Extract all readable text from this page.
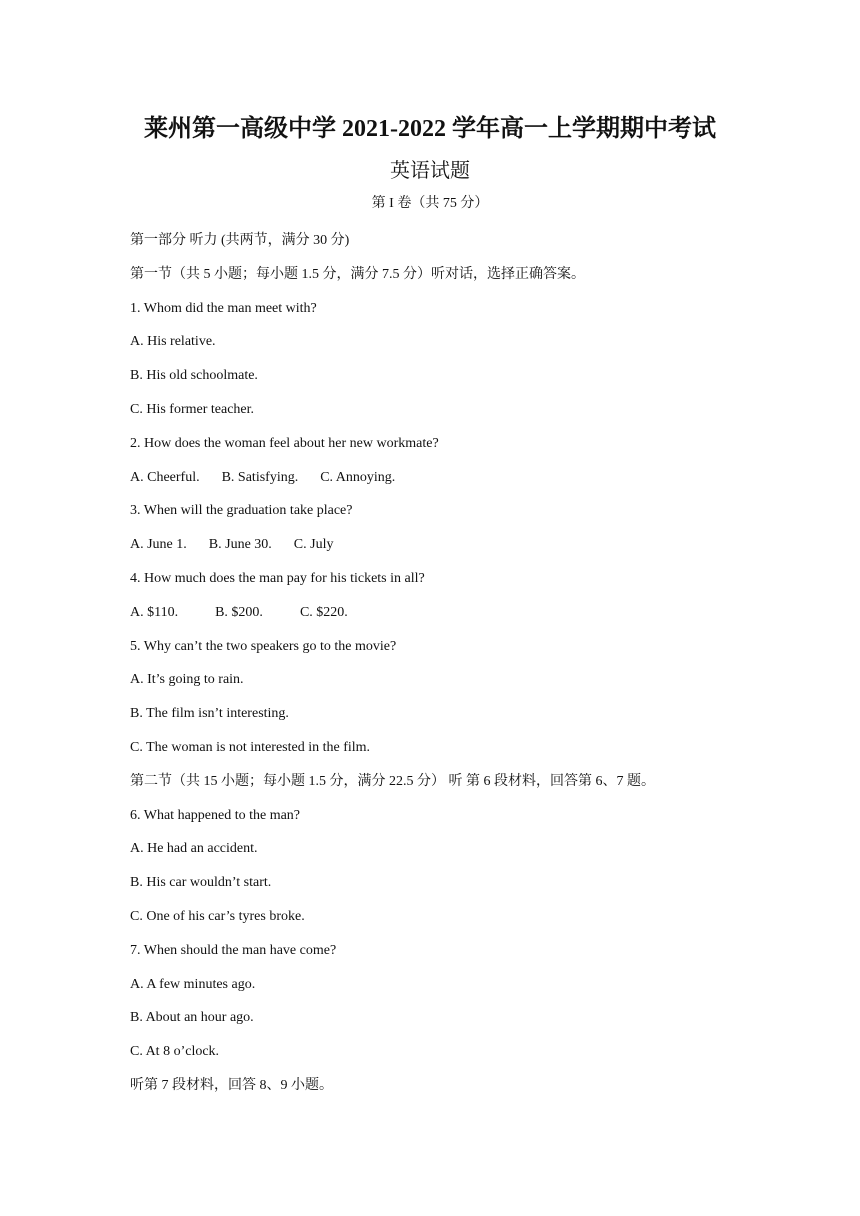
莱州第一高级中学 2021-2022 学年高一上学期期中考试
英语试题
第 I 卷（共 75 分）
第一部分 听力 (共两节，满分 30 分)
第一节（共 5 小题；每小题 1.5 分，满分 7.5 分）听对话，选择正确答案。
1. Whom did the man meet with?
A. His relative.
B. His old schoolmate.
C. His former teacher.
2. How does the woman feel about her new workmate?
A. Cheerful. B. Satisfying. C. Annoying.
3. When will the graduation take place?
A. June 1. B. June 30. C. July
4. How much does the man pay for his tickets in all?
A. $110.	B. $200.	C. $220.
5. Why can’t the two speakers go to the movie?
A. It’s going to rain.
B. The film isn’t interesting.
C. The woman is not interested in the film.
第二节（共 15 小题；每小题 1.5 分，满分 22.5 分） 听 第 6 段材料，回答第 6、7 题。
6. What happened to the man?
A. He had an accident.
B. His car wouldn’t start.
C. One of his car’s tyres broke.
7. When should the man have come?
A. A few minutes ago.
B. About an hour ago.
C. At 8 o’clock.
听第 7 段材料，回答 8、9 小题。
